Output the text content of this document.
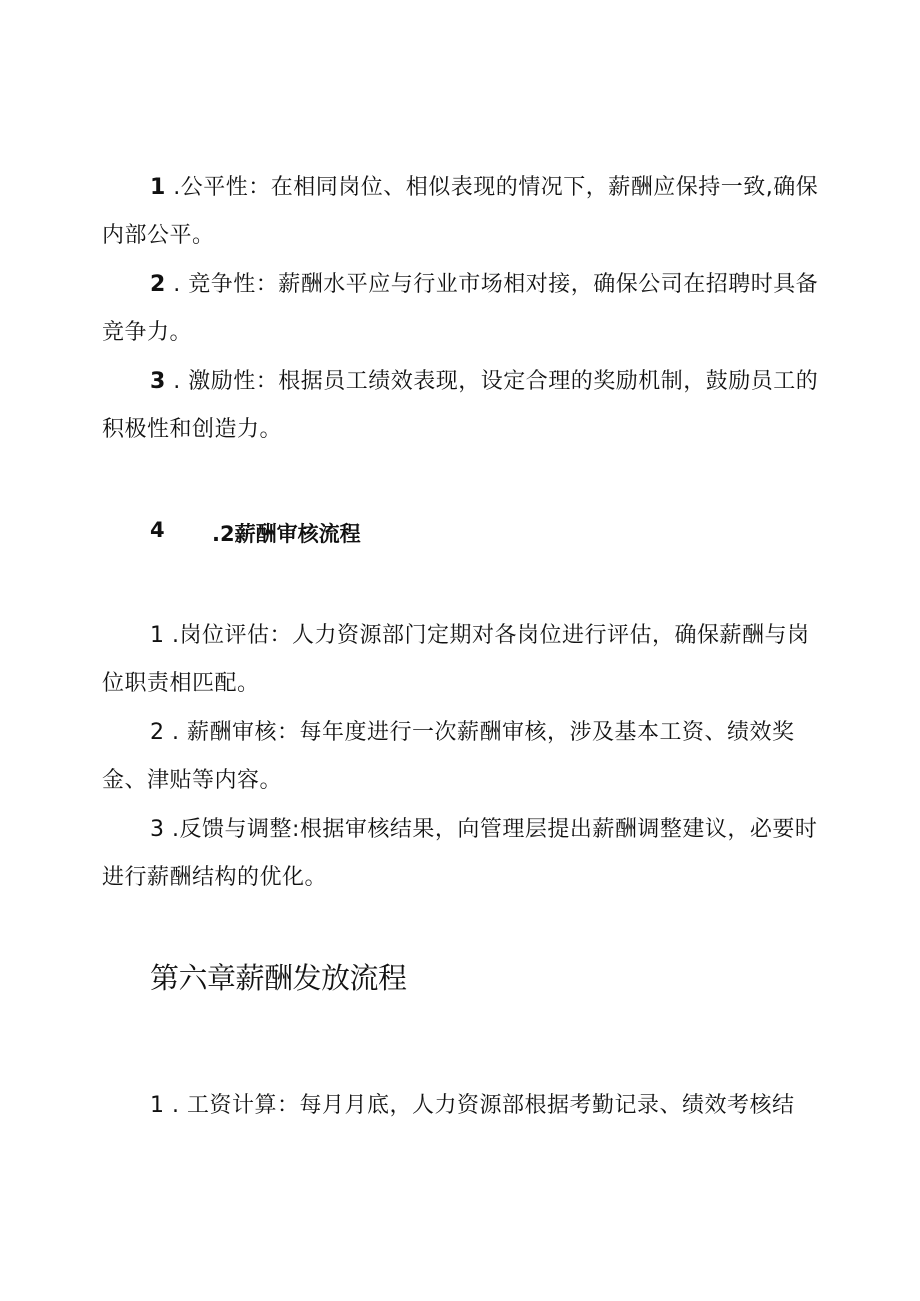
1 .公平性：在相同岗位、相似表现的情况下，薪酬应保持一致,确保内部公平。

2 . 竞争性：薪酬水平应与行业市场相对接，确保公司在招聘时具备竞争力。

3 . 激励性：根据员工绩效表现，设定合理的奖励机制，鼓励员工的积极性和创造力。

4	.2薪酬审核流程

1 .岗位评估：人力资源部门定期对各岗位进行评估，确保薪酬与岗位职责相匹配。

2 . 薪酬审核：每年度进行一次薪酬审核，涉及基本工资、绩效奖金、津贴等内容。

3 .反馈与调整:根据审核结果，向管理层提出薪酬调整建议，必要时进行薪酬结构的优化。

第六章薪酬发放流程

1 . 工资计算：每月月底，人力资源部根据考勤记录、绩效考核结
